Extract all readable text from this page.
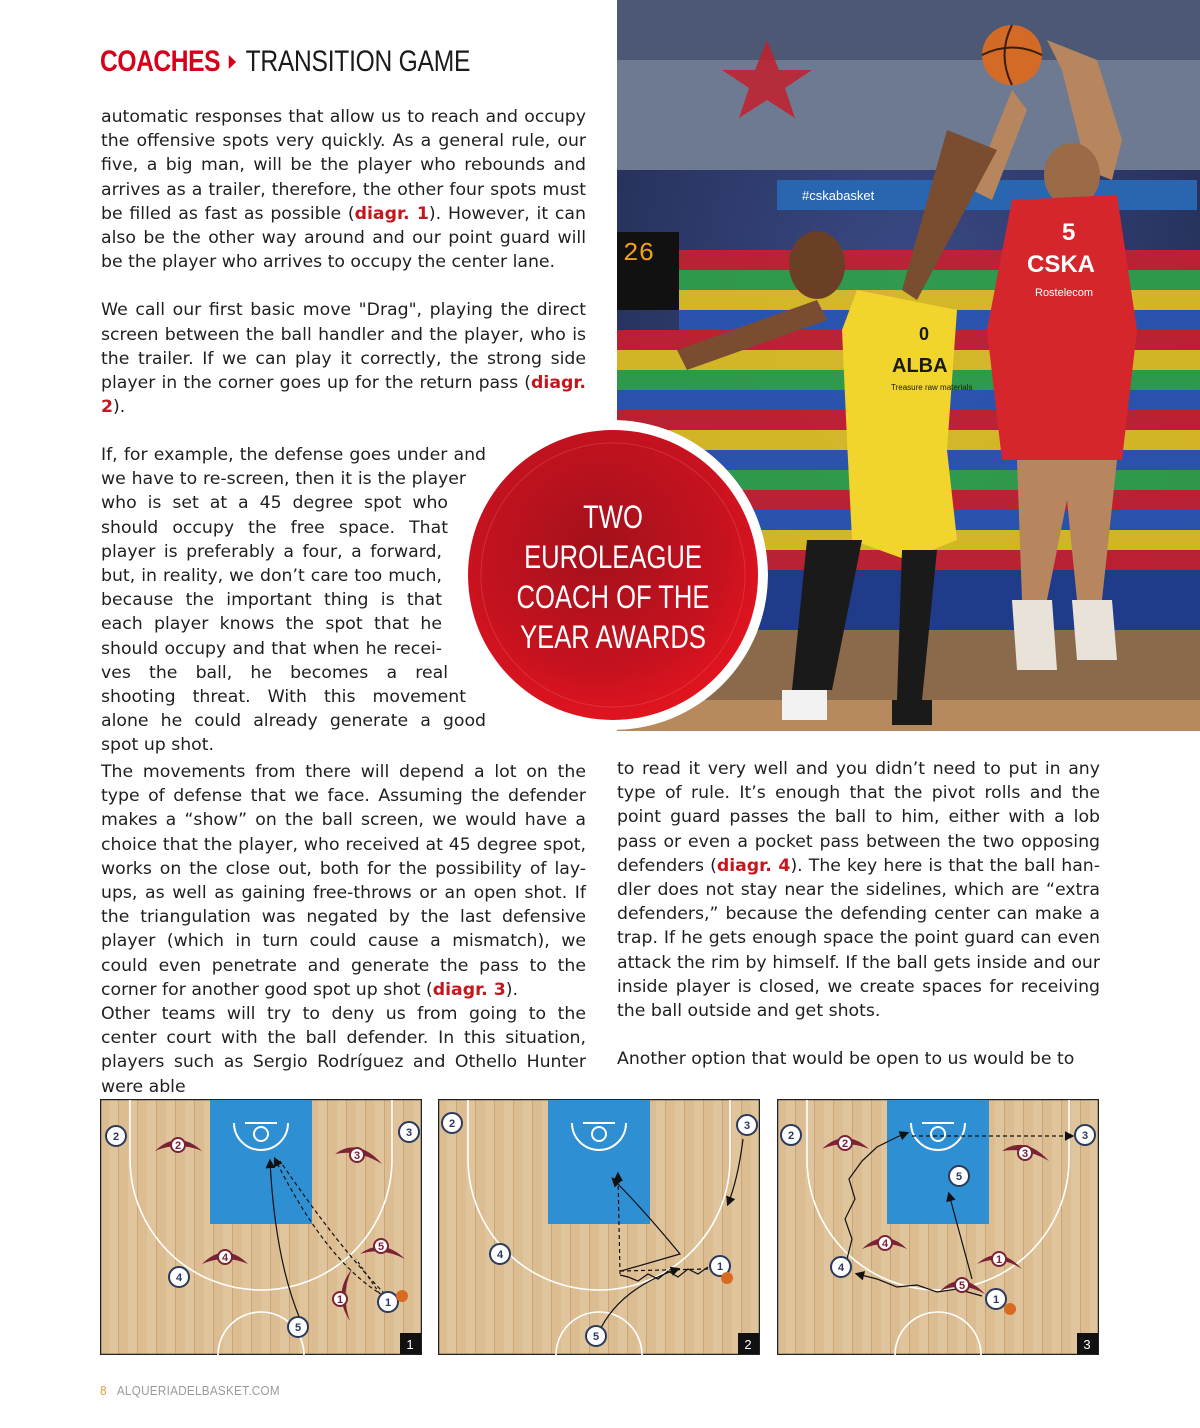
COACHES TRANSITION GAME
#cskabasket
26
5
CSKA
Rostelecom
0
ALBA
Treasure raw materials

automatic responses that allow us to reach and occupy the offensive spots very quickly. As a general rule, our five, a big man, will be the player who rebounds and arrives as a trailer, therefore, the other four spots must be filled as fast as possible (diagr. 1). However, it can also be the other way around and our point guard will be the player who arrives to occupy the center lane.

We call our first basic move "Drag", playing the direct screen between the ball handler and the player, who is the trailer. If we can play it correctly, the strong side player in the corner goes up for the return pass (diagr. 2).

If, for example, the defense goes under and we have to re-screen, then it is the player who is set at a 45 degree spot who should occupy the free space. That player is preferably a four, a forward, but, in reality, we don’t care too much, because the important thing is that each player knows the spot that he should occupy and that when he receives the ball, he becomes a real shooting threat. With this movement alone he could already generate a good spot up shot.

TWO
EUROLEAGUE
COACH OF THE
YEAR AWARDS

The movements from there will depend a lot on the type of defense that we face. Assuming the defender makes a “show” on the ball screen, we would have a choice that the player, who received at 45 degree spot, works on the close out, both for the possibility of lay-ups, as well as gaining free-throws or an open shot. If the triangulation was negated by the last defensive player (which in turn could cause a mismatch), we could even penetrate and generate the pass to the corner for another good spot up shot (diagr. 3).

Other teams will try to deny us from going to the center court with the ball defender. In this situation, players such as Sergio Rodríguez and Othello Hunter were able

to read it very well and you didn’t need to put in any type of rule. It’s enough that the pivot rolls and the point guard passes the ball to him, either with a lob pass or even a pocket pass between the two opposing defenders (diagr. 4). The key here is that the ball handler does not stay near the sidelines, which are “extra defenders,” because the defending center can make a trap. If he gets enough space the point guard can even attack the rim by himself. If the ball gets inside and our inside player is closed, we create spaces for receiving the ball outside and get shots.

Another option that would be open to us would be to

2
3
4
5
1
2	3
4
5
1
1
2	3
4
5
1
2
2
3
4
1
5
2	3
5
4
1
3
8 ALQUERIADELBASKET.COM
